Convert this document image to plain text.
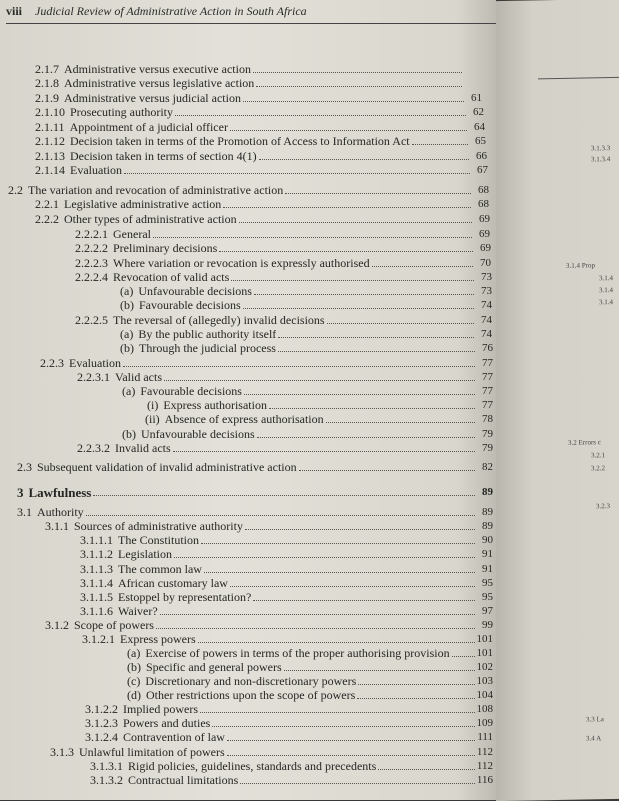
viii Judicial Review of Administrative Action in South Africa
2.1.7 Administrative versus executive action
2.1.8 Administrative versus legislative action
2.1.9 Administrative versus judicial action	61
2.1.10 Prosecuting authority	62
2.1.11 Appointment of a judicial officer	64
2.1.12 Decision taken in terms of the Promotion of Access to Information Act	65
2.1.13 Decision taken in terms of section 4(1)	66
2.1.14 Evaluation	67
2.2 The variation and revocation of administrative action	68
2.2.1 Legislative administrative action	68
2.2.2 Other types of administrative action	69
2.2.2.1 General	69
2.2.2.2 Preliminary decisions	69
2.2.2.3 Where variation or revocation is expressly authorised	70
2.2.2.4 Revocation of valid acts	73
(a) Unfavourable decisions	73
(b) Favourable decisions	74
2.2.2.5 The reversal of (allegedly) invalid decisions	74
(a) By the public authority itself	74
(b) Through the judicial process	76
2.2.3 Evaluation	77
2.2.3.1 Valid acts	77
(a) Favourable decisions	77
(i) Express authorisation	77
(ii) Absence of express authorisation	78
(b) Unfavourable decisions	79
2.2.3.2 Invalid acts	79
2.3 Subsequent validation of invalid administrative action	82
3 Lawfulness	89
3.1 Authority	89
3.1.1 Sources of administrative authority	89
3.1.1.1 The Constitution	90
3.1.1.2 Legislation	91
3.1.1.3 The common law	91
3.1.1.4 African customary law	95
3.1.1.5 Estoppel by representation?	95
3.1.1.6 Waiver?	97
3.1.2 Scope of powers	99
3.1.2.1 Express powers	101
(a) Exercise of powers in terms of the proper authorising provision 101
(b) Specific and general powers	102
(c) Discretionary and non-discretionary powers	103
(d) Other restrictions upon the scope of powers	104
3.1.2.2 Implied powers	108
3.1.2.3 Powers and duties	109
3.1.2.4 Contravention of law	111
3.1.3 Unlawful limitation of powers	112
3.1.3.1 Rigid policies, guidelines, standards and precedents	112
3.1.3.2 Contractual limitations	116
3.1.3.3
3.1.3.4
3.1.4 Prop
3.1.4
3.1.4
3.1.4
3.2 Errors c
3.2.1
3.2.2
3.2.3
3.3 La
3.4 A
